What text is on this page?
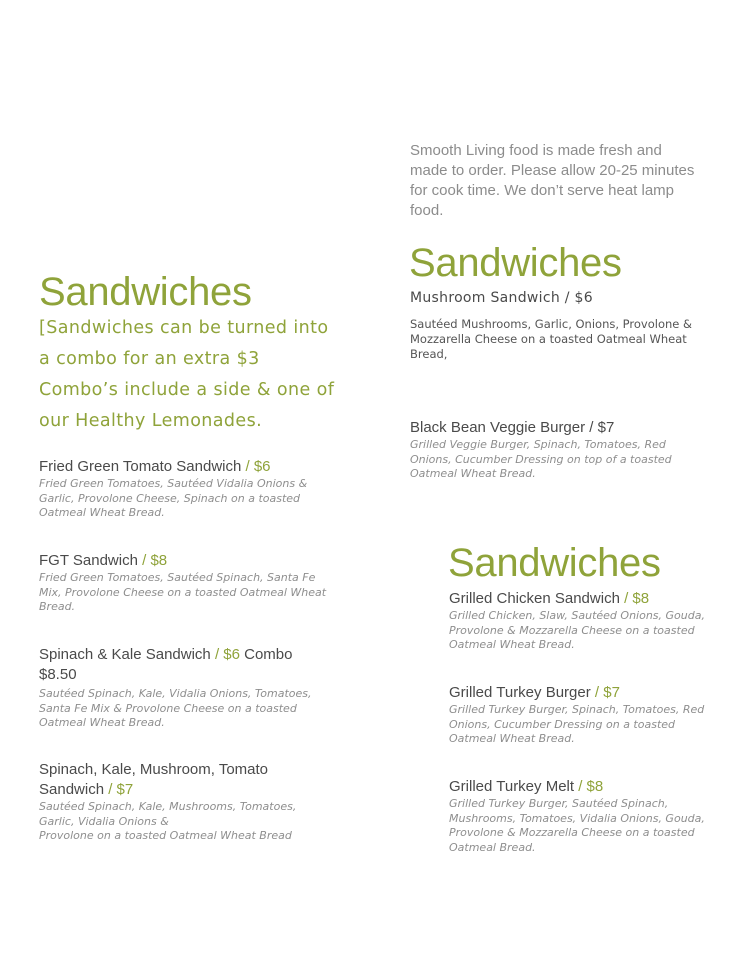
Smooth Living food is made fresh and made to order. Please allow 20-25 minutes for cook time. We don’t serve heat lamp food.
Sandwiches
[Sandwiches can be turned into a combo for an extra $3 Combo’s include a side & one of our Healthy Lemonades.
Fried Green Tomato Sandwich / $6
Fried Green Tomatoes, Sautéed Vidalia Onions & Garlic, Provolone Cheese, Spinach on a toasted Oatmeal Wheat Bread.
FGT Sandwich / $8
Fried Green Tomatoes, Sautéed Spinach, Santa Fe Mix, Provolone Cheese on a toasted Oatmeal Wheat Bread.
Spinach & Kale Sandwich / $6 Combo $8.50
Sautéed Spinach, Kale, Vidalia Onions, Tomatoes, Santa Fe Mix & Provolone Cheese on a toasted Oatmeal Wheat Bread.
Spinach, Kale, Mushroom, Tomato Sandwich / $7
Sautéed Spinach, Kale, Mushrooms, Tomatoes, Garlic, Vidalia Onions &
Provolone on a toasted Oatmeal Wheat Bread
Sandwiches
Mushroom Sandwich / $6
Sautéed Mushrooms, Garlic, Onions, Provolone & Mozzarella Cheese on a toasted Oatmeal Wheat Bread,
Black Bean Veggie Burger / $7
Grilled Veggie Burger, Spinach, Tomatoes, Red Onions, Cucumber Dressing on top of a toasted Oatmeal Wheat Bread.
Sandwiches
Grilled Chicken Sandwich / $8
Grilled Chicken, Slaw, Sautéed Onions, Gouda, Provolone & Mozzarella Cheese on a toasted Oatmeal Wheat Bread.
Grilled Turkey Burger / $7
Grilled Turkey Burger, Spinach, Tomatoes, Red Onions, Cucumber Dressing on a toasted Oatmeal Wheat Bread.
Grilled Turkey Melt / $8
Grilled Turkey Burger, Sautéed Spinach, Mushrooms, Tomatoes, Vidalia Onions, Gouda, Provolone & Mozzarella Cheese on a toasted Oatmeal Bread.
